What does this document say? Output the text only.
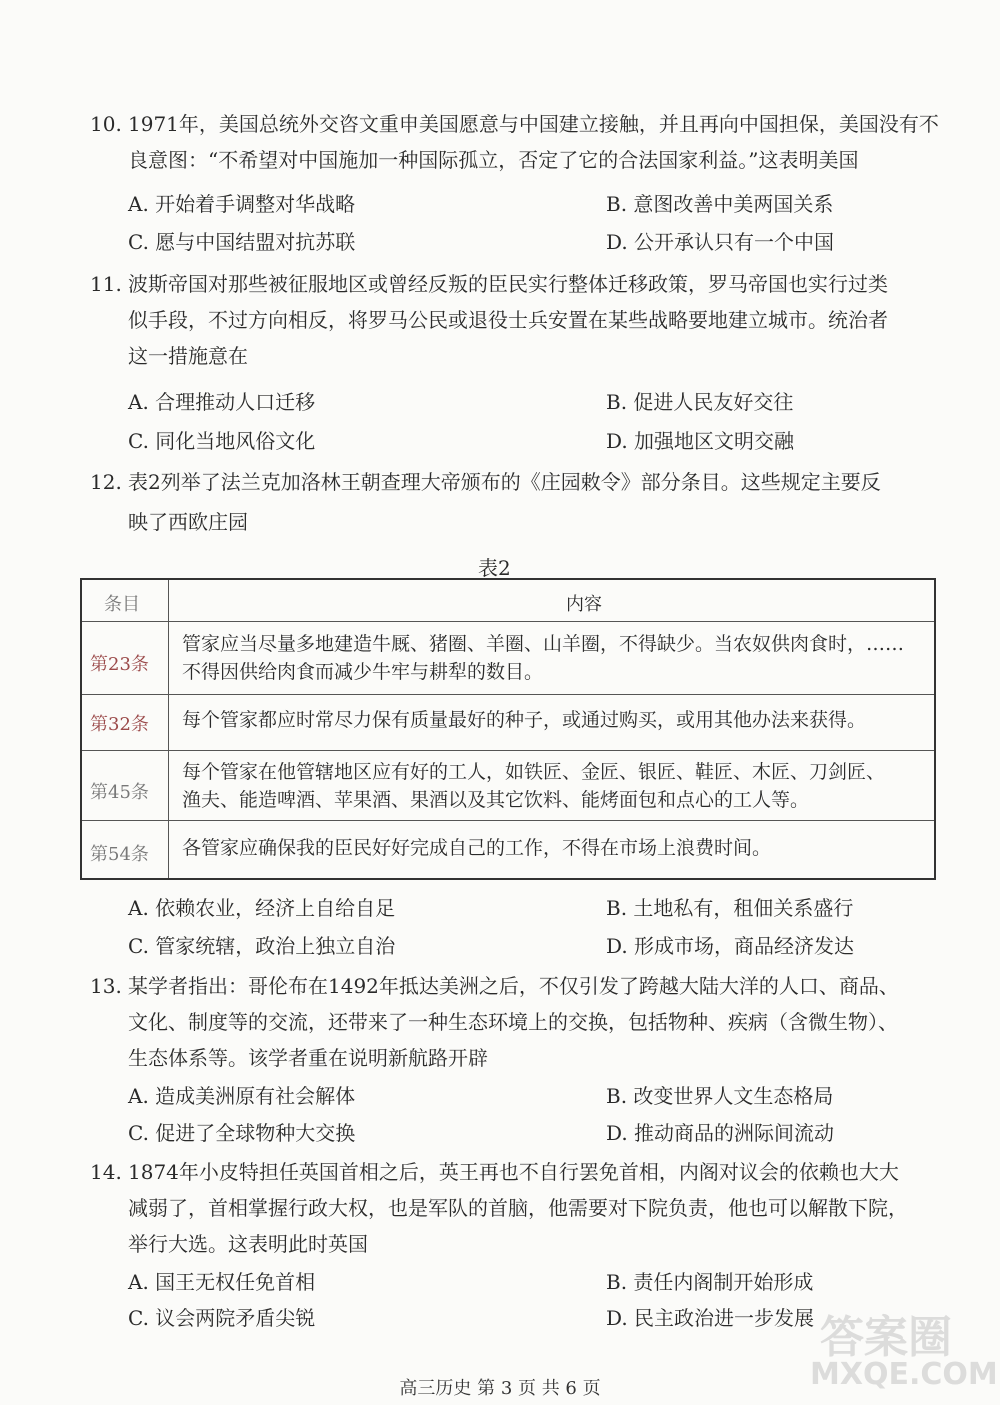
10. 1971年，美国总统外交咨文重申美国愿意与中国建立接触，并且再向中国担保，美国没有不
良意图：“不希望对中国施加一种国际孤立，否定了它的合法国家利益。”这表明美国
A. 开始着手调整对华战略	B. 意图改善中美两国关系
C. 愿与中国结盟对抗苏联	D. 公开承认只有一个中国
11. 波斯帝国对那些被征服地区或曾经反叛的臣民实行整体迁移政策，罗马帝国也实行过类
似手段，不过方向相反，将罗马公民或退役士兵安置在某些战略要地建立城市。统治者
这一措施意在
A. 合理推动人口迁移	B. 促进人民友好交往
C. 同化当地风俗文化	D. 加强地区文明交融
12. 表2列举了法兰克加洛林王朝查理大帝颁布的《庄园敕令》部分条目。这些规定主要反
映了西欧庄园
表2
条目	内容
第23条
管家应当尽量多地建造牛厩、猪圈、羊圈、山羊圈，不得缺少。当农奴供肉食时，……
不得因供给肉食而减少牛牢与耕犁的数目。
第32条 每个管家都应时常尽力保有质量最好的种子，或通过购买，或用其他办法来获得。
第45条
每个管家在他管辖地区应有好的工人，如铁匠、金匠、银匠、鞋匠、木匠、刀剑匠、
渔夫、能造啤酒、苹果酒、果酒以及其它饮料、能烤面包和点心的工人等。
第54条 各管家应确保我的臣民好好完成自己的工作，不得在市场上浪费时间。
A. 依赖农业，经济上自给自足	B. 土地私有，租佃关系盛行
C. 管家统辖，政治上独立自治	D. 形成市场，商品经济发达
13. 某学者指出：哥伦布在1492年抵达美洲之后，不仅引发了跨越大陆大洋的人口、商品、
文化、制度等的交流，还带来了一种生态环境上的交换，包括物种、疾病（含微生物）、
生态体系等。该学者重在说明新航路开辟
A. 造成美洲原有社会解体	B. 改变世界人文生态格局
C. 促进了全球物种大交换	D. 推动商品的洲际间流动
14. 1874年小皮特担任英国首相之后，英王再也不自行罢免首相，内阁对议会的依赖也大大
减弱了，首相掌握行政大权，也是军队的首脑，他需要对下院负责，他也可以解散下院，
举行大选。这表明此时英国
A. 国王无权任免首相	B. 责任内阁制开始形成
C. 议会两院矛盾尖锐	D. 民主政治进一步发展
高三历史 第 3 页 共 6 页
答案圈
MXQE.COM
